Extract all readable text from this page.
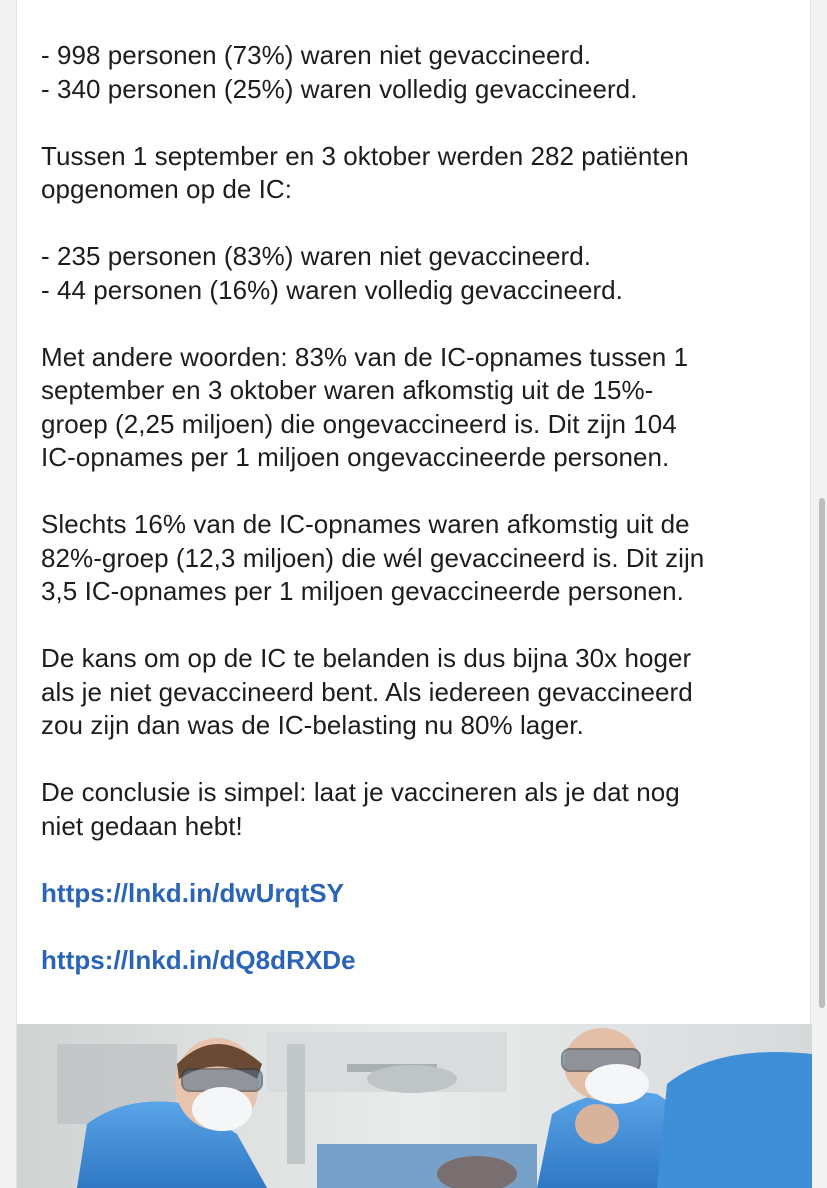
- 998 personen (73%) waren niet gevaccineerd.
- 340 personen (25%) waren volledig gevaccineerd.

Tussen 1 september en 3 oktober werden 282 patiënten
opgenomen op de IC:

- 235 personen (83%) waren niet gevaccineerd.
- 44 personen (16%) waren volledig gevaccineerd.

Met andere woorden: 83% van de IC-opnames tussen 1
september en 3 oktober waren afkomstig uit de 15%-
groep (2,25 miljoen) die ongevaccineerd is. Dit zijn 104
IC-opnames per 1 miljoen ongevaccineerde personen.

Slechts 16% van de IC-opnames waren afkomstig uit de
82%-groep (12,3 miljoen) die wél gevaccineerd is. Dit zijn
3,5 IC-opnames per 1 miljoen gevaccineerde personen.

De kans om op de IC te belanden is dus bijna 30x hoger
als je niet gevaccineerd bent. Als iedereen gevaccineerd
zou zijn dan was de IC-belasting nu 80% lager.

De conclusie is simpel: laat je vaccineren als je dat nog
niet gedaan hebt!

https://lnkd.in/dwUrqtSY

https://lnkd.in/dQ8dRXDe
